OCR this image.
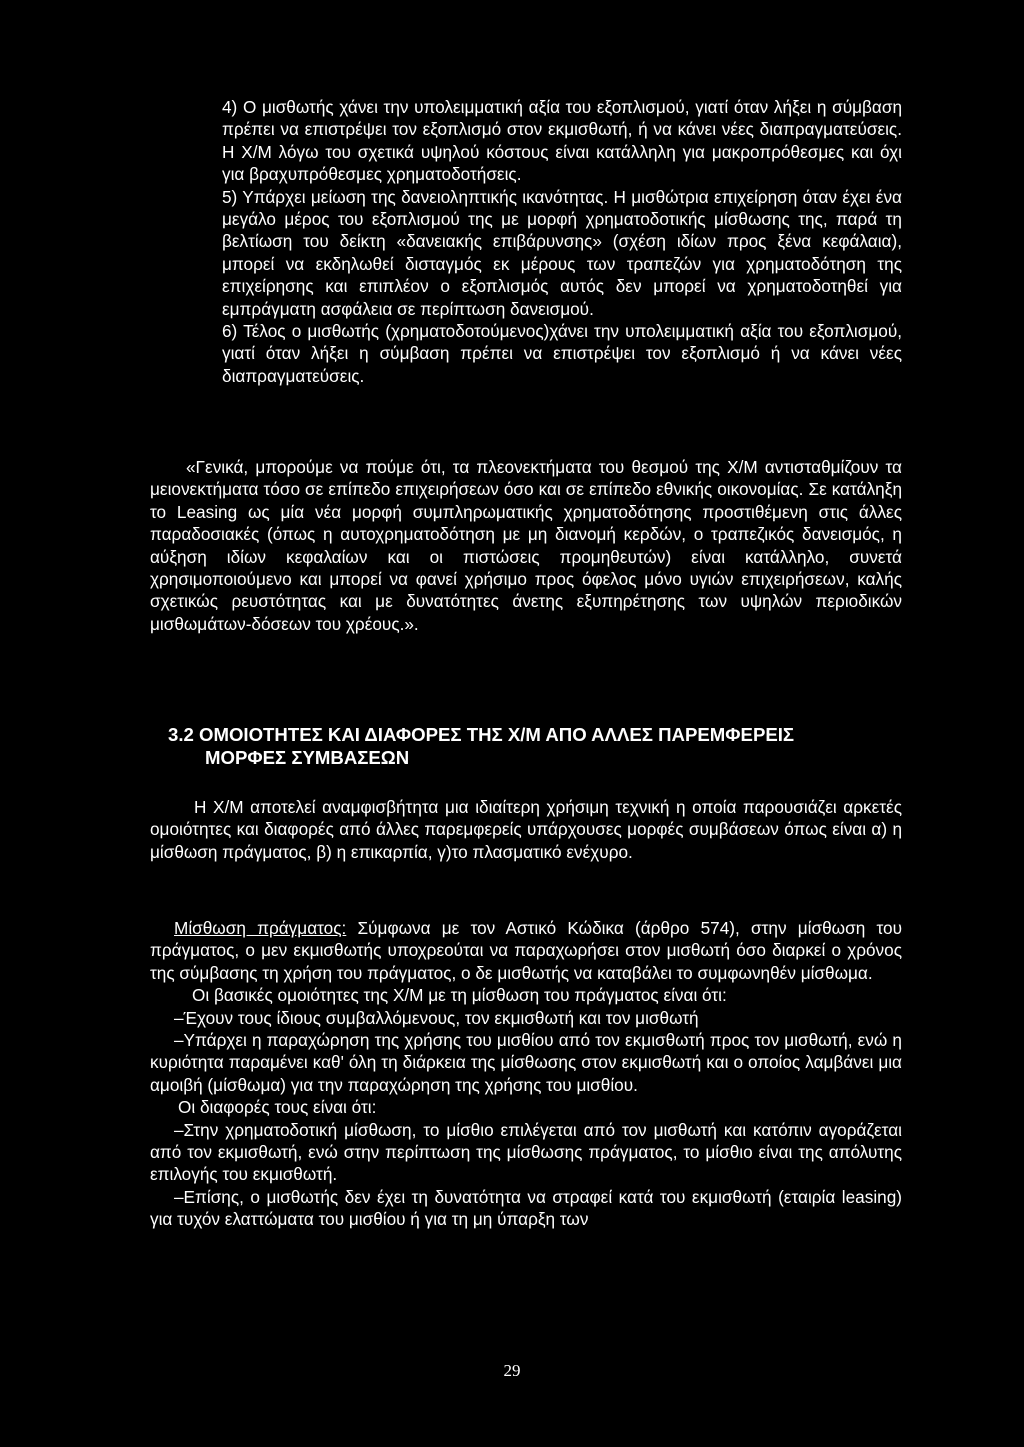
4) Ο μισθωτής χάνει την υπολειμματική αξία του εξοπλισμού, γιατί όταν λήξει η σύμβαση πρέπει να επιστρέψει τον εξοπλισμό στον εκμισθωτή, ή να κάνει νέες διαπραγματεύσεις. Η Χ/Μ λόγω του σχετικά υψηλού κόστους είναι κατάλληλη για μακροπρόθεσμες και όχι για βραχυπρόθεσμες χρηματοδοτήσεις.

5) Υπάρχει μείωση της δανειοληπτικής ικανότητας. Η μισθώτρια επιχείρηση όταν έχει ένα μεγάλο μέρος του εξοπλισμού της με μορφή χρηματοδοτικής μίσθωσης της, παρά τη βελτίωση του δείκτη «δανειακής επιβάρυνσης» (σχέση ιδίων προς ξένα κεφάλαια), μπορεί να εκδηλωθεί δισταγμός εκ μέρους των τραπεζών για χρηματοδότηση της επιχείρησης και επιπλέον ο εξοπλισμός αυτός δεν μπορεί να χρηματοδοτηθεί για εμπράγματη ασφάλεια σε περίπτωση δανεισμού.

6) Τέλος ο μισθωτής (χρηματοδοτούμενος)χάνει την υπολειμματική αξία του εξοπλισμού, γιατί όταν λήξει η σύμβαση πρέπει να επιστρέψει τον εξοπλισμό ή να κάνει νέες διαπραγματεύσεις.

«Γενικά, μπορούμε να πούμε ότι, τα πλεονεκτήματα του θεσμού της Χ/Μ αντισταθμίζουν τα μειονεκτήματα τόσο σε επίπεδο επιχειρήσεων όσο και σε επίπεδο εθνικής οικονομίας. Σε κατάληξη το Leasing ως μία νέα μορφή συμπληρωματικής χρηματοδότησης προστιθέμενη στις άλλες παραδοσιακές (όπως η αυτοχρηματοδότηση με μη διανομή κερδών, ο τραπεζικός δανεισμός, η αύξηση ιδίων κεφαλαίων και οι πιστώσεις προμηθευτών) είναι κατάλληλο, συνετά χρησιμοποιούμενο και μπορεί να φανεί χρήσιμο προς όφελος μόνο υγιών επιχειρήσεων, καλής σχετικώς ρευστότητας και με δυνατότητες άνετης εξυπηρέτησης των υψηλών περιοδικών μισθωμάτων-δόσεων του χρέους.».

3.2 ΟΜΟΙΟΤΗΤΕΣ ΚΑΙ ΔΙΑΦΟΡΕΣ ΤΗΣ Χ/Μ ΑΠΟ ΑΛΛΕΣ ΠΑΡΕΜΦΕΡΕΙΣ
ΜΟΡΦΕΣ ΣΥΜΒΑΣΕΩΝ

Η Χ/Μ αποτελεί αναμφισβήτητα μια ιδιαίτερη χρήσιμη τεχνική η οποία παρουσιάζει αρκετές ομοιότητες και διαφορές από άλλες παρεμφερείς υπάρχουσες μορφές συμβάσεων όπως είναι α) η μίσθωση πράγματος, β) η επικαρπία, γ)το πλασματικό ενέχυρο.

Μίσθωση πράγματος: Σύμφωνα με τον Αστικό Κώδικα (άρθρο 574), στην μίσθωση του πράγματος, ο μεν εκμισθωτής υποχρεούται να παραχωρήσει στον μισθωτή όσο διαρκεί ο χρόνος της σύμβασης τη χρήση του πράγματος, ο δε μισθωτής να καταβάλει το συμφωνηθέν μίσθωμα.

Οι βασικές ομοιότητες της Χ/Μ με τη μίσθωση του πράγματος είναι ότι:

–Έχουν τους ίδιους συμβαλλόμενους, τον εκμισθωτή και τον μισθωτή

–Υπάρχει η παραχώρηση της χρήσης του μισθίου από τον εκμισθωτή προς τον μισθωτή, ενώ η κυριότητα παραμένει καθ' όλη τη διάρκεια της μίσθωσης στον εκμισθωτή και ο οποίος λαμβάνει μια αμοιβή (μίσθωμα) για την παραχώρηση της χρήσης του μισθίου.

Οι διαφορές τους είναι ότι:

–Στην χρηματοδοτική μίσθωση, το μίσθιο επιλέγεται από τον μισθωτή και κατόπιν αγοράζεται από τον εκμισθωτή, ενώ στην περίπτωση της μίσθωσης πράγματος, το μίσθιο είναι της απόλυτης επιλογής του εκμισθωτή.

–Επίσης, ο μισθωτής δεν έχει τη δυνατότητα να στραφεί κατά του εκμισθωτή (εταιρία leasing) για τυχόν ελαττώματα του μισθίου ή για τη μη ύπαρξη των

29
